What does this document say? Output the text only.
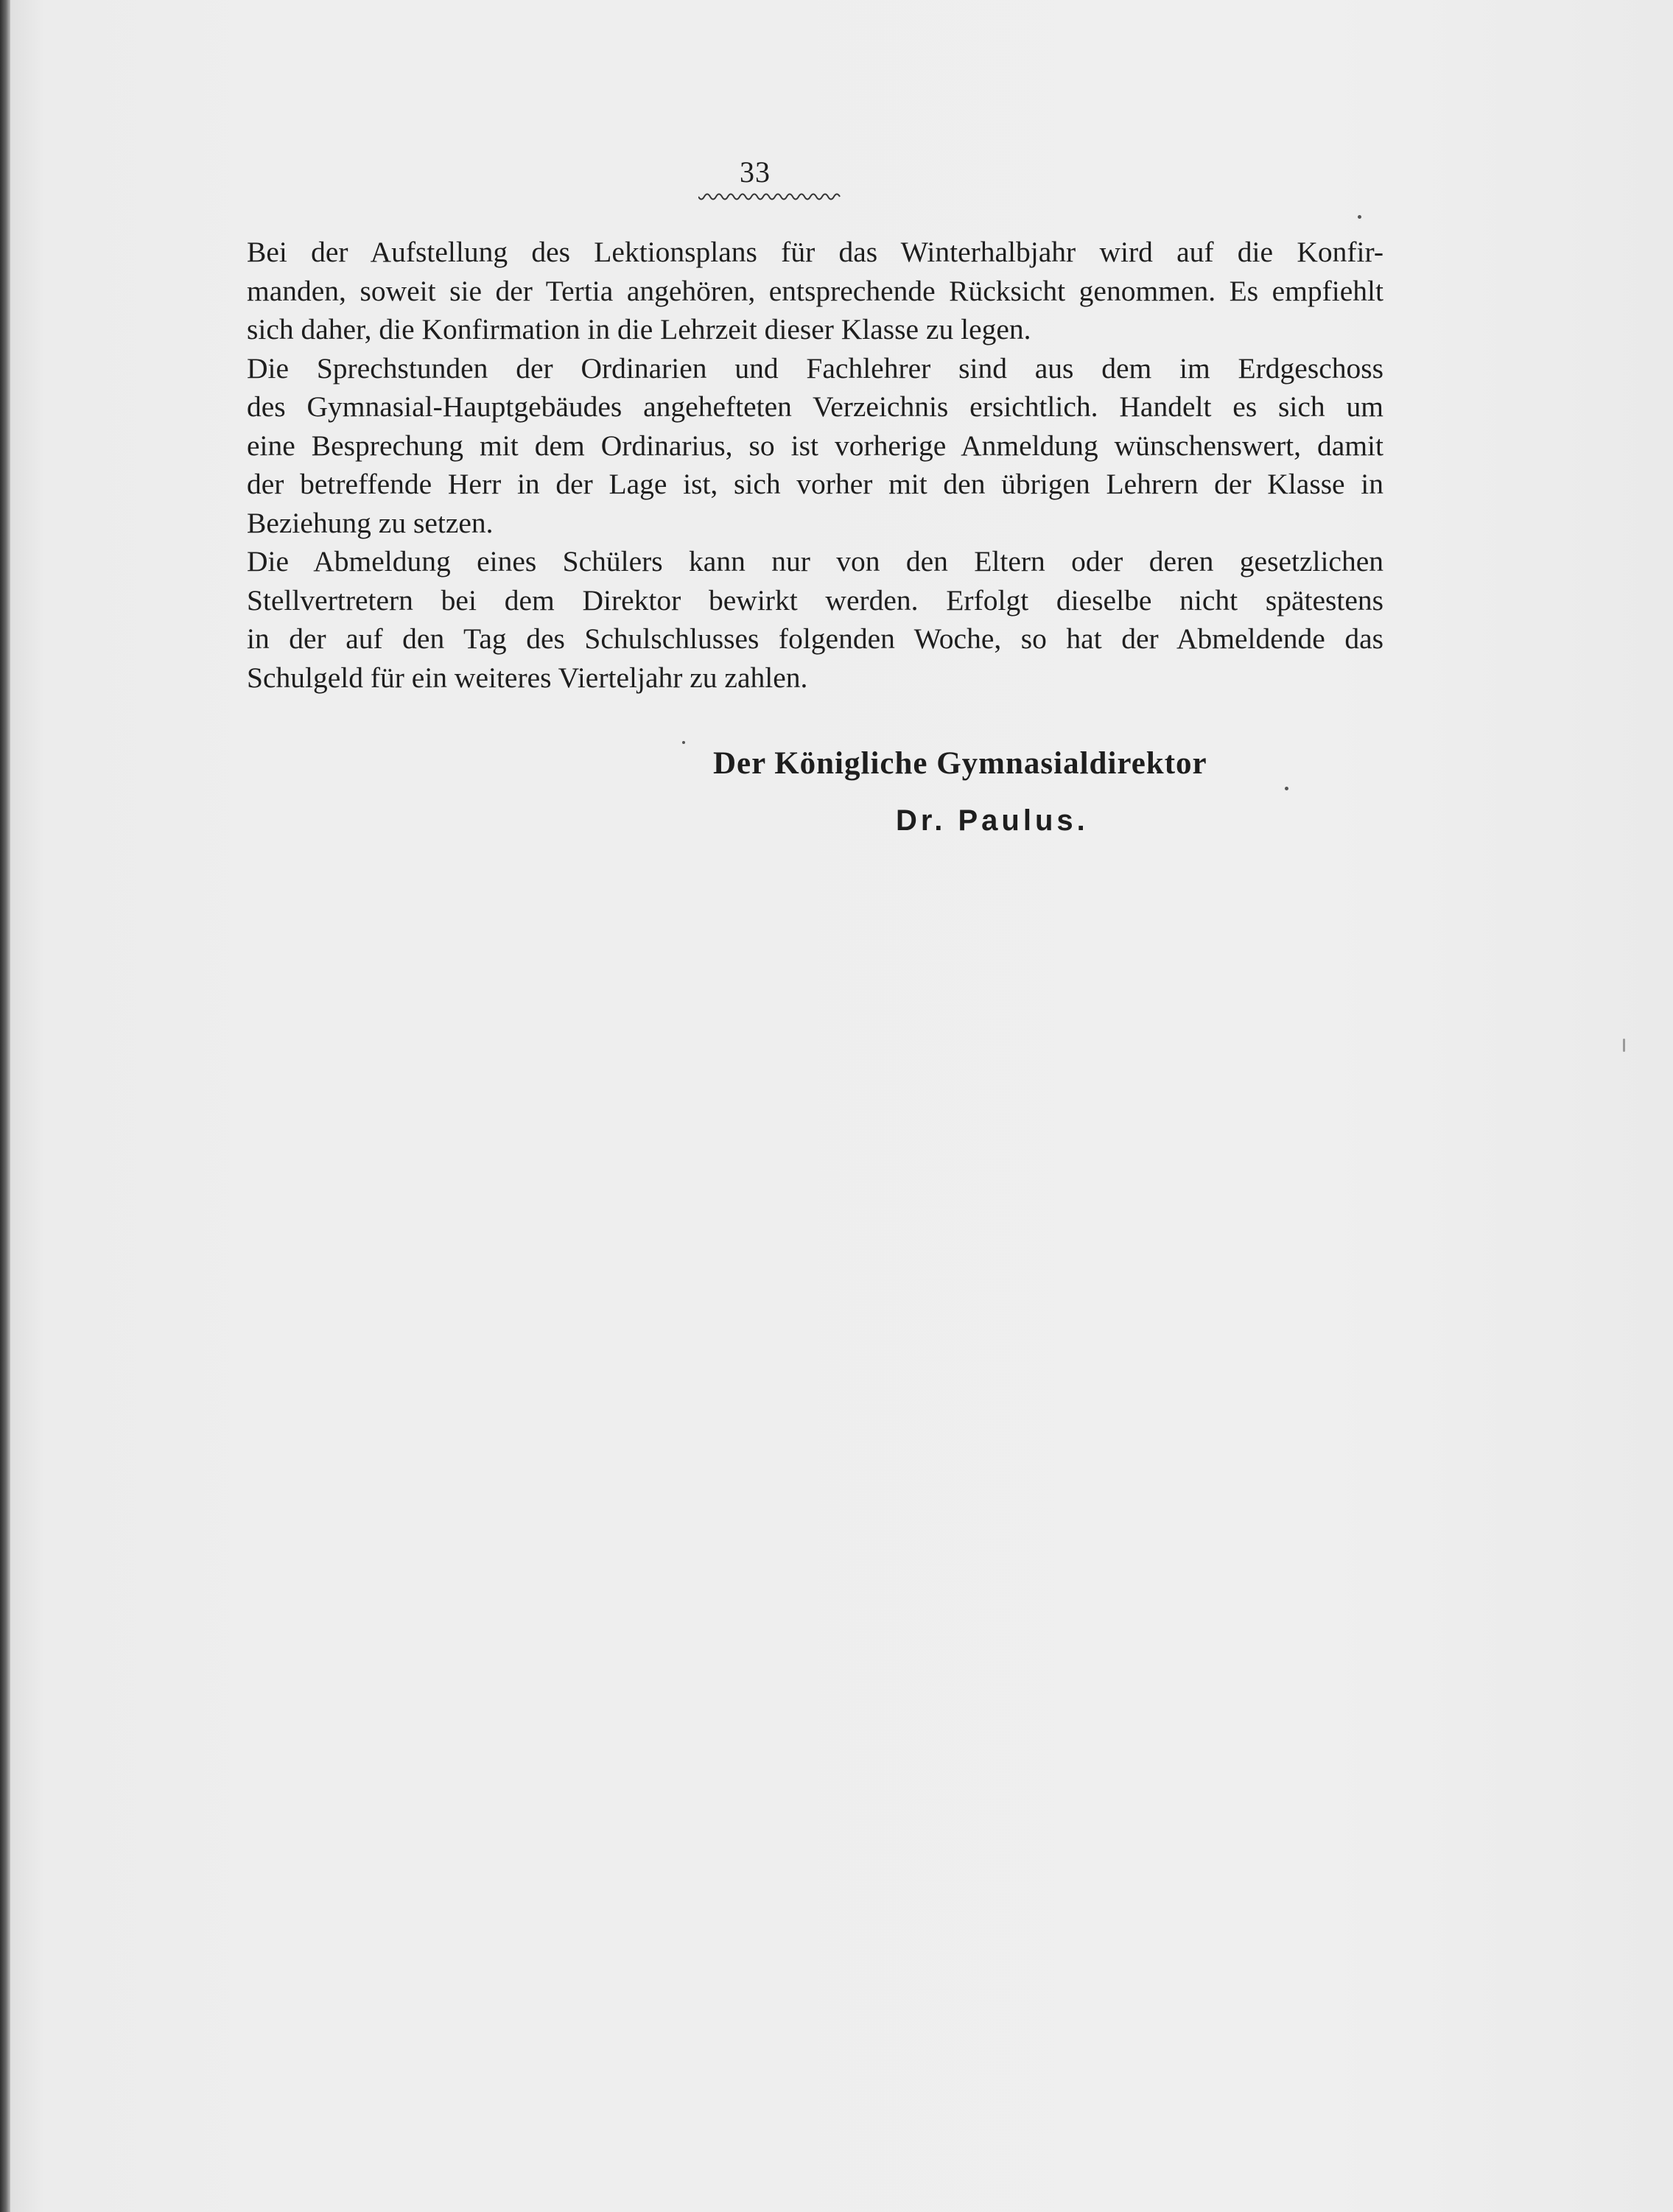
33

Bei der Aufstellung des Lektionsplans für das Winterhalbjahr wird auf die Konfir-
manden, soweit sie der Tertia angehören, entsprechende Rücksicht genommen. Es empfiehlt
sich daher, die Konfirmation in die Lehrzeit dieser Klasse zu legen.

Die Sprechstunden der Ordinarien und Fachlehrer sind aus dem im Erdgeschoss
des Gymnasial-Hauptgebäudes angehefteten Verzeichnis ersichtlich. Handelt es sich um
eine Besprechung mit dem Ordinarius, so ist vorherige Anmeldung wünschenswert, damit
der betreffende Herr in der Lage ist, sich vorher mit den übrigen Lehrern der Klasse in
Beziehung zu setzen.

Die Abmeldung eines Schülers kann nur von den Eltern oder deren gesetzlichen
Stellvertretern bei dem Direktor bewirkt werden. Erfolgt dieselbe nicht spätestens
in der auf den Tag des Schulschlusses folgenden Woche, so hat der Abmeldende das
Schulgeld für ein weiteres Vierteljahr zu zahlen.

Der Königliche Gymnasialdirektor
Dr. Paulus.
